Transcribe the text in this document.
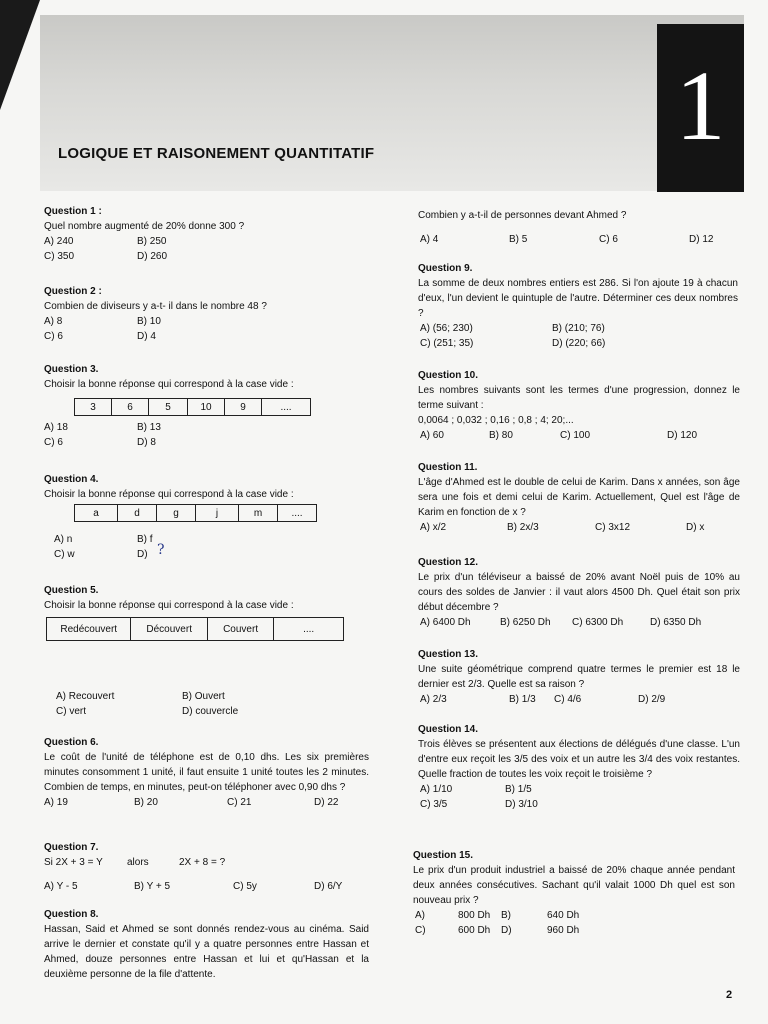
1
LOGIQUE ET RAISONEMENT QUANTITATIF
Question 1 :
Quel nombre augmenté de 20% donne 300 ?
A) 240	B) 250
C) 350	D) 260
Question 2 :
Combien de diviseurs y a-t- il dans le nombre 48 ?
A) 8	B) 10
C) 6	D) 4
Question 3.
Choisir la bonne réponse qui correspond à la case vide :
3	6	5	10	9	....
A) 18	B) 13
C) 6	D) 8
Question 4.
Choisir la bonne réponse qui correspond à la case vide :
a	d	g	j	m	....
A) n	B) f
C) w	D) ?
Question 5.
Choisir la bonne réponse qui correspond à la case vide :
Redécouvert	Découvert	Couvert	....
A) Recouvert	B) Ouvert
C) vert	D) couvercle
Question 6.
Le coût de l'unité de téléphone est de 0,10 dhs. Les six premières minutes consomment 1 unité, il faut ensuite 1 unité toutes les 2 minutes. Combien de temps, en minutes, peut-on téléphoner avec 0,90 dhs ?
A) 19	B) 20	C) 21	D) 22
Question 7.
Si 2X + 3 = Y alors	2X + 8 = ?
A) Y - 5	B) Y + 5	C) 5y	D) 6/Y
Question 8.
Hassan, Said et Ahmed se sont donnés rendez-vous au cinéma. Said arrive le dernier et constate qu'il y a quatre personnes entre Hassan et Ahmed, douze personnes entre Hassan et lui et qu'Hassan et la deuxième personne de la file d'attente.
Combien y a-t-il de personnes devant Ahmed ?
A) 4	B) 5	C) 6	D) 12
Question 9.
La somme de deux nombres entiers est 286. Si l'on ajoute 19 à chacun d'eux, l'un devient le quintuple de l'autre. Déterminer ces deux nombres ?
A) (56; 230)	B) (210; 76)
C) (251; 35)	D) (220; 66)
Question 10.
Les nombres suivants sont les termes d'une progression, donnez le terme suivant :
0,0064 ; 0,032 ; 0,16 ; 0,8 ; 4; 20;...
A) 60	B) 80	C) 100	D) 120
Question 11.
L'âge d'Ahmed est le double de celui de Karim. Dans x années, son âge sera une fois et demi celui de Karim. Actuellement, Quel est l'âge de Karim en fonction de x ?
A) x/2	B) 2x/3	C) 3x12	D) x
Question 12.
Le prix d'un téléviseur a baissé de 20% avant Noël puis de 10% au cours des soldes de Janvier : il vaut alors 4500 Dh. Quel était son prix début décembre ?
A) 6400 Dh	B) 6250 Dh C) 6300 Dh	D) 6350 Dh
Question 13.
Une suite géométrique comprend quatre termes le premier est 18 le dernier est 2/3. Quelle est sa raison ?
A) 2/3	B) 1/3 C) 4/6	D) 2/9
Question 14.
Trois élèves se présentent aux élections de délégués d'une classe. L'un d'entre eux reçoit les 3/5 des voix et un autre les 3/4 des voix restantes. Quelle fraction de toutes les voix reçoit le troisième ?
A) 1/10	B) 1/5
C) 3/5	D) 3/10
Question 15.
Le prix d'un produit industriel a baissé de 20% chaque année pendant deux années consécutives. Sachant qu'il valait 1000 Dh quel est son nouveau prix ?
A)	800 Dh B)	640 Dh
C)	600 Dh D)	960 Dh
2
